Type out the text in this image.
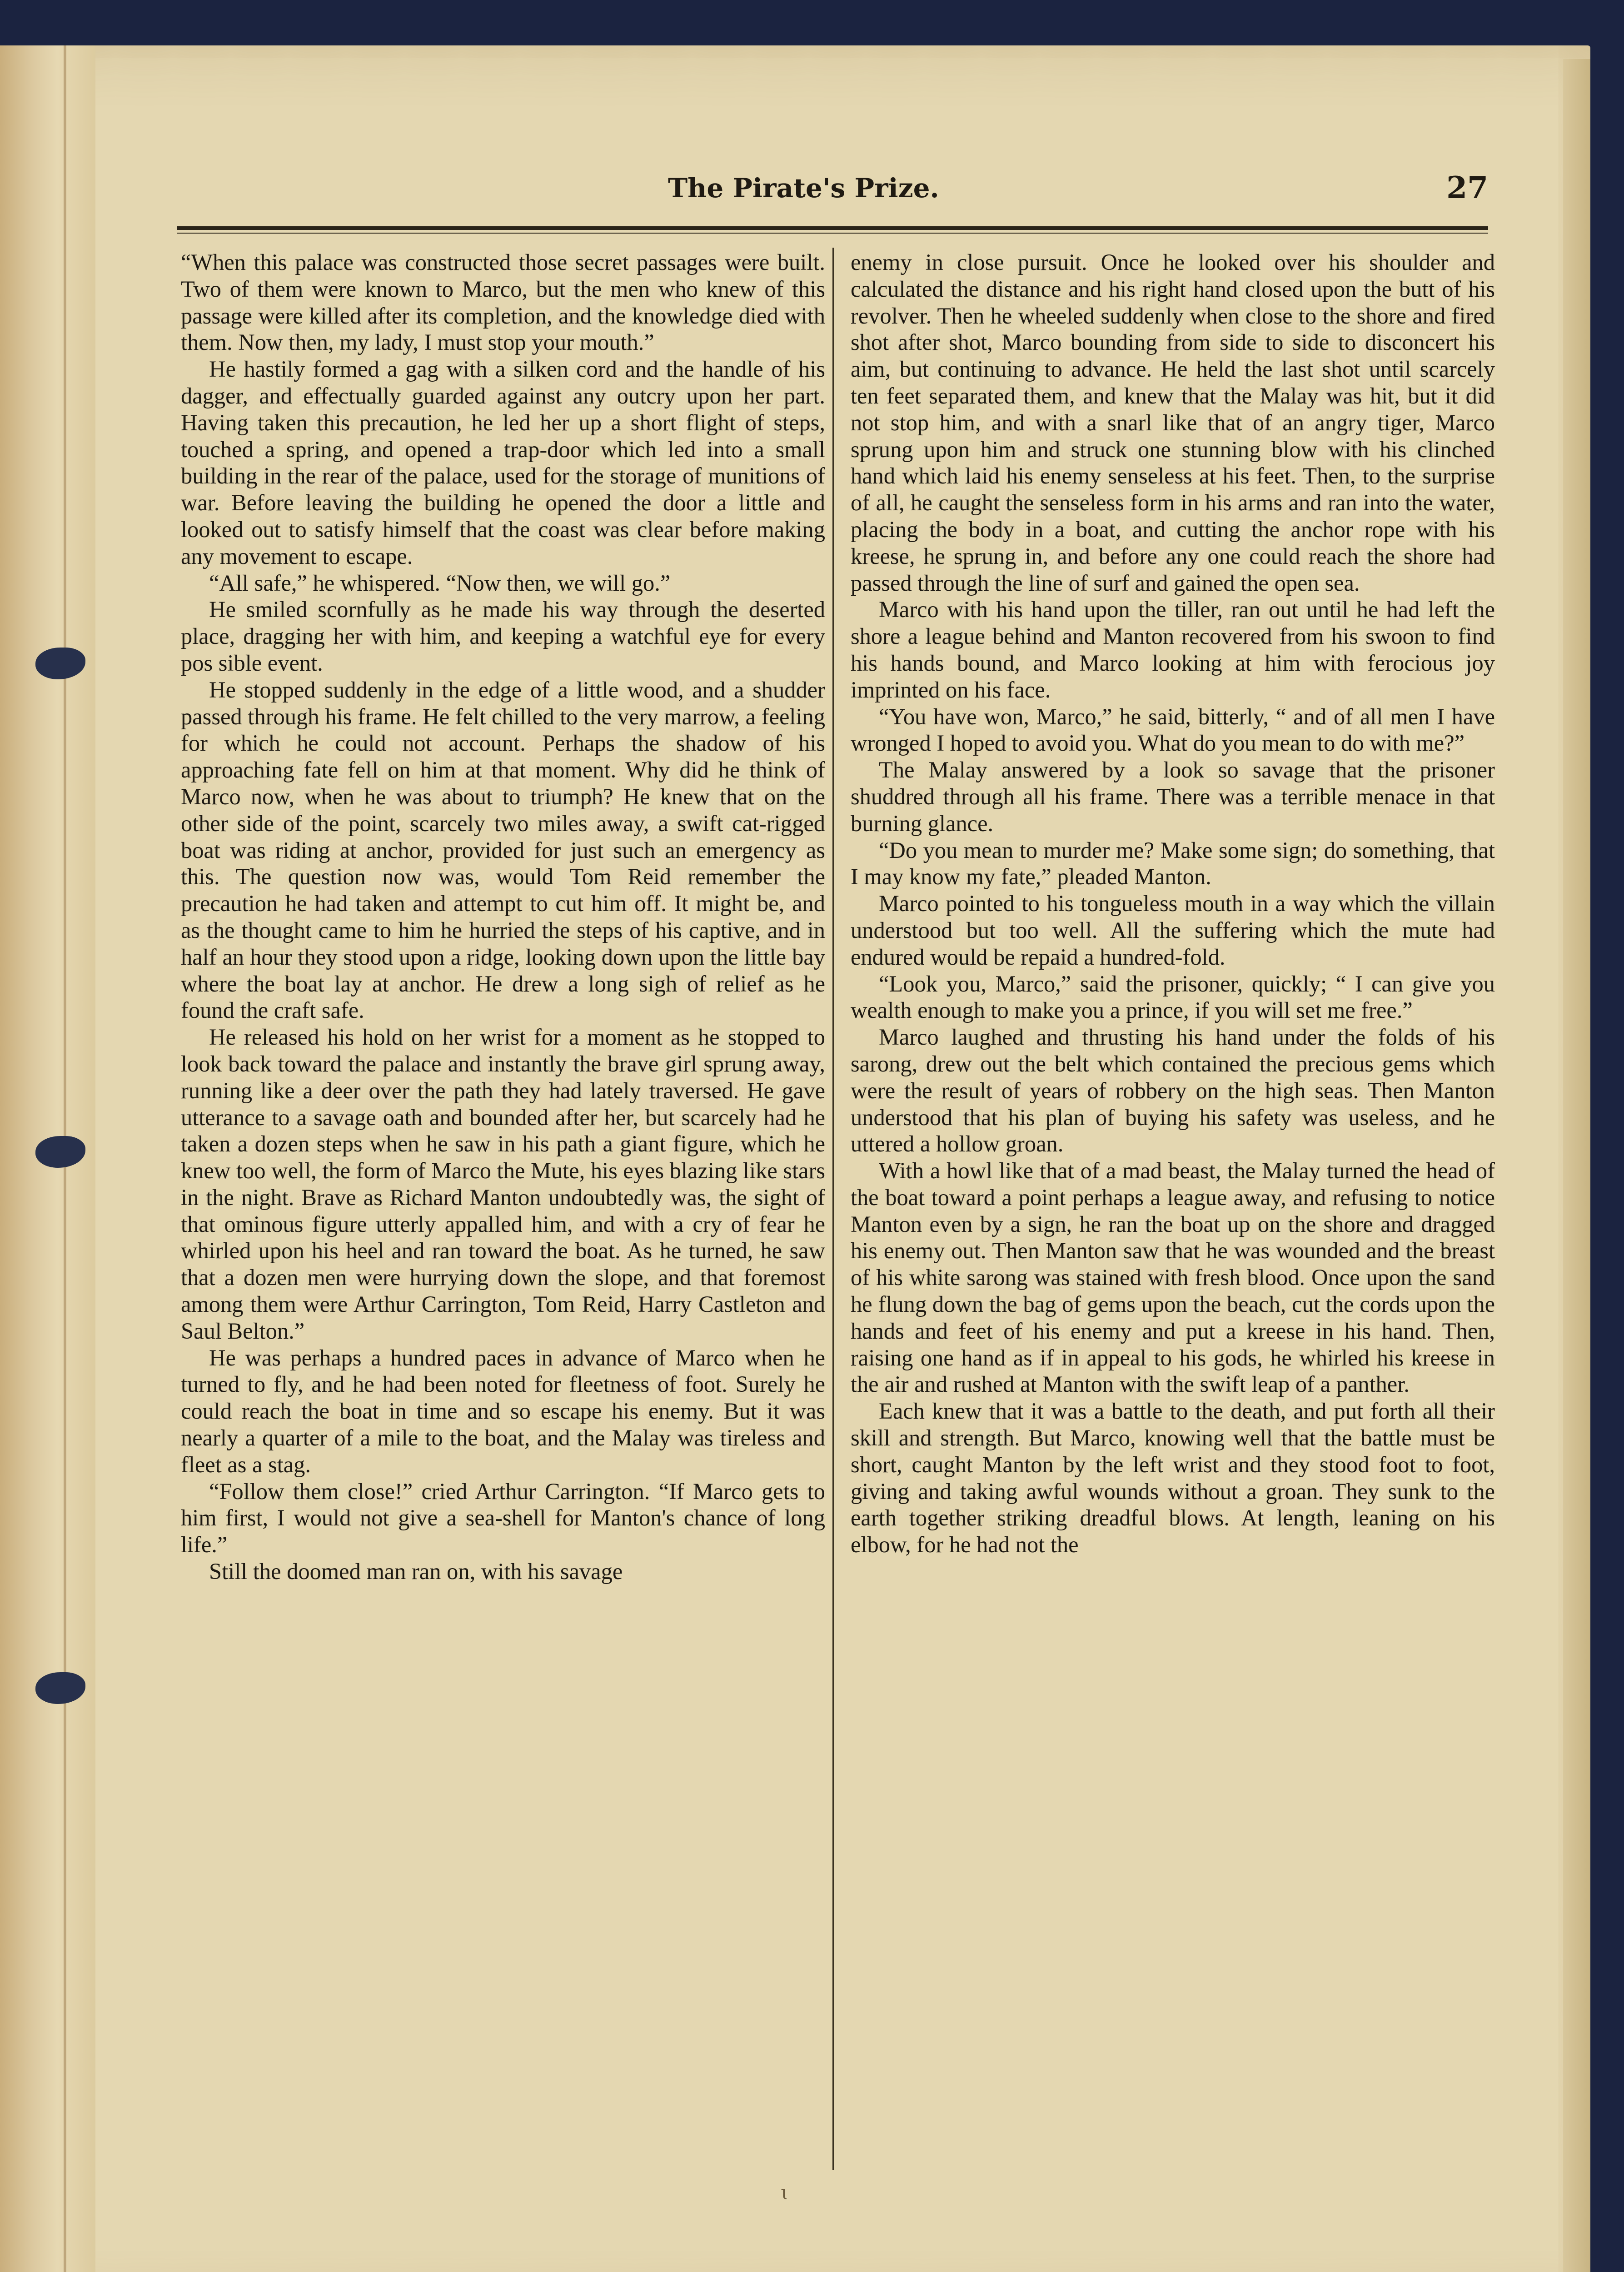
The Pirate's Prize.	27

“When this palace was constructed those secret passages were built. Two of them were known to Marco, but the men who knew of this passage were killed after its completion, and the knowledge died with them. Now then, my lady, I must stop your mouth.”

He hastily formed a gag with a silken cord and the handle of his dagger, and effectually guarded against any outcry upon her part. Having taken this precaution, he led her up a short flight of steps, touched a spring, and opened a trap-door which led into a small building in the rear of the palace, used for the storage of munitions of war. Before leaving the building he opened the door a little and looked out to satisfy himself that the coast was clear before making any movement to escape.

“All safe,” he whispered. “Now then, we will go.”

He smiled scornfully as he made his way through the deserted place, dragging her with him, and keeping a watchful eye for every pos sible event.

He stopped suddenly in the edge of a little wood, and a shudder passed through his frame. He felt chilled to the very marrow, a feeling for which he could not account. Perhaps the shadow of his approaching fate fell on him at that moment. Why did he think of Marco now, when he was about to triumph? He knew that on the other side of the point, scarcely two miles away, a swift cat-rigged boat was riding at anchor, provided for just such an emergency as this. The question now was, would Tom Reid remember the precaution he had taken and attempt to cut him off. It might be, and as the thought came to him he hurried the steps of his captive, and in half an hour they stood upon a ridge, looking down upon the little bay where the boat lay at anchor. He drew a long sigh of relief as he found the craft safe.

He released his hold on her wrist for a moment as he stopped to look back toward the palace and instantly the brave girl sprung away, running like a deer over the path they had lately traversed. He gave utterance to a savage oath and bounded after her, but scarcely had he taken a dozen steps when he saw in his path a giant figure, which he knew too well, the form of Marco the Mute, his eyes blazing like stars in the night. Brave as Richard Manton undoubtedly was, the sight of that ominous figure utterly appalled him, and with a cry of fear he whirled upon his heel and ran toward the boat. As he turned, he saw that a dozen men were hurrying down the slope, and that foremost among them were Arthur Carrington, Tom Reid, Harry Castleton and Saul Belton.”

He was perhaps a hundred paces in advance of Marco when he turned to fly, and he had been noted for fleetness of foot. Surely he could reach the boat in time and so escape his enemy. But it was nearly a quarter of a mile to the boat, and the Malay was tireless and fleet as a stag.

“Follow them close!” cried Arthur Carrington. “If Marco gets to him first, I would not give a sea-shell for Manton's chance of long life.”

Still the doomed man ran on, with his savage

enemy in close pursuit. Once he looked over his shoulder and calculated the distance and his right hand closed upon the butt of his revolver. Then he wheeled suddenly when close to the shore and fired shot after shot, Marco bounding from side to side to disconcert his aim, but continuing to advance. He held the last shot until scarcely ten feet separated them, and knew that the Malay was hit, but it did not stop him, and with a snarl like that of an angry tiger, Marco sprung upon him and struck one stunning blow with his clinched hand which laid his enemy senseless at his feet. Then, to the surprise of all, he caught the senseless form in his arms and ran into the water, placing the body in a boat, and cutting the anchor rope with his kreese, he sprung in, and before any one could reach the shore had passed through the line of surf and gained the open sea.

Marco with his hand upon the tiller, ran out until he had left the shore a league behind and Manton recovered from his swoon to find his hands bound, and Marco looking at him with ferocious joy imprinted on his face.

“You have won, Marco,” he said, bitterly, “ and of all men I have wronged I hoped to avoid you. What do you mean to do with me?”

The Malay answered by a look so savage that the prisoner shuddred through all his frame. There was a terrible menace in that burning glance.

“Do you mean to murder me? Make some sign; do something, that I may know my fate,” pleaded Manton.

Marco pointed to his tongueless mouth in a way which the villain understood but too well. All the suffering which the mute had endured would be repaid a hundred-fold.

“Look you, Marco,” said the prisoner, quickly; “ I can give you wealth enough to make you a prince, if you will set me free.”

Marco laughed and thrusting his hand under the folds of his sarong, drew out the belt which contained the precious gems which were the result of years of robbery on the high seas. Then Manton understood that his plan of buying his safety was useless, and he uttered a hollow groan.

With a howl like that of a mad beast, the Malay turned the head of the boat toward a point perhaps a league away, and refusing to notice Manton even by a sign, he ran the boat up on the shore and dragged his enemy out. Then Manton saw that he was wounded and the breast of his white sarong was stained with fresh blood. Once upon the sand he flung down the bag of gems upon the beach, cut the cords upon the hands and feet of his enemy and put a kreese in his hand. Then, raising one hand as if in appeal to his gods, he whirled his kreese in the air and rushed at Manton with the swift leap of a panther.

Each knew that it was a battle to the death, and put forth all their skill and strength. But Marco, knowing well that the battle must be short, caught Manton by the left wrist and they stood foot to foot, giving and taking awful wounds without a groan. They sunk to the earth together striking dreadful blows. At length, leaning on his elbow, for he had not the

ɩ
